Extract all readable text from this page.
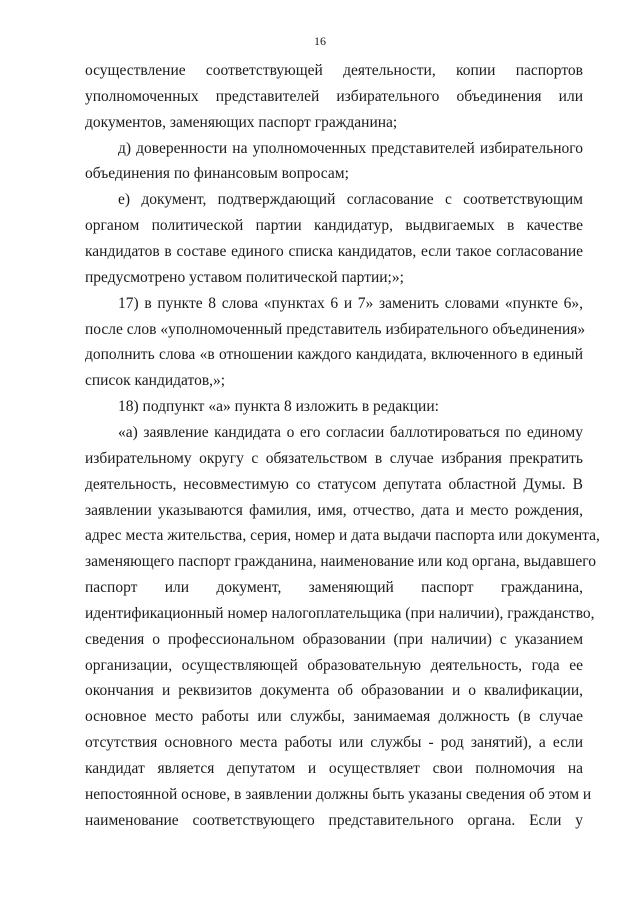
16
осуществление соответствующей деятельности, копии паспортов
уполномоченных представителей избирательного объединения или
документов, заменяющих паспорт гражданина;
д) доверенности на уполномоченных представителей избирательного
объединения по финансовым вопросам;
е) документ, подтверждающий согласование с соответствующим
органом политической партии кандидатур, выдвигаемых в качестве
кандидатов в составе единого списка кандидатов, если такое согласование
предусмотрено уставом политической партии;»;
17) в пункте 8 слова «пунктах 6 и 7» заменить словами «пункте 6»,
после слов «уполномоченный представитель избирательного объединения»
дополнить слова «в отношении каждого кандидата, включенного в единый
список кандидатов,»;
18) подпункт «а» пункта 8 изложить в редакции:
«а) заявление кандидата о его согласии баллотироваться по единому
избирательному округу с обязательством в случае избрания прекратить
деятельность, несовместимую со статусом депутата областной Думы. В
заявлении указываются фамилия, имя, отчество, дата и место рождения,
адрес места жительства, серия, номер и дата выдачи паспорта или документа,
заменяющего паспорт гражданина, наименование или код органа, выдавшего
паспорт или документ, заменяющий паспорт гражданина,
идентификационный номер налогоплательщика (при наличии), гражданство,
сведения о профессиональном образовании (при наличии) с указанием
организации, осуществляющей образовательную деятельность, года ее
окончания и реквизитов документа об образовании и о квалификации,
основное место работы или службы, занимаемая должность (в случае
отсутствия основного места работы или службы - род занятий), а если
кандидат является депутатом и осуществляет свои полномочия на
непостоянной основе, в заявлении должны быть указаны сведения об этом и
наименование соответствующего представительного органа. Если у
